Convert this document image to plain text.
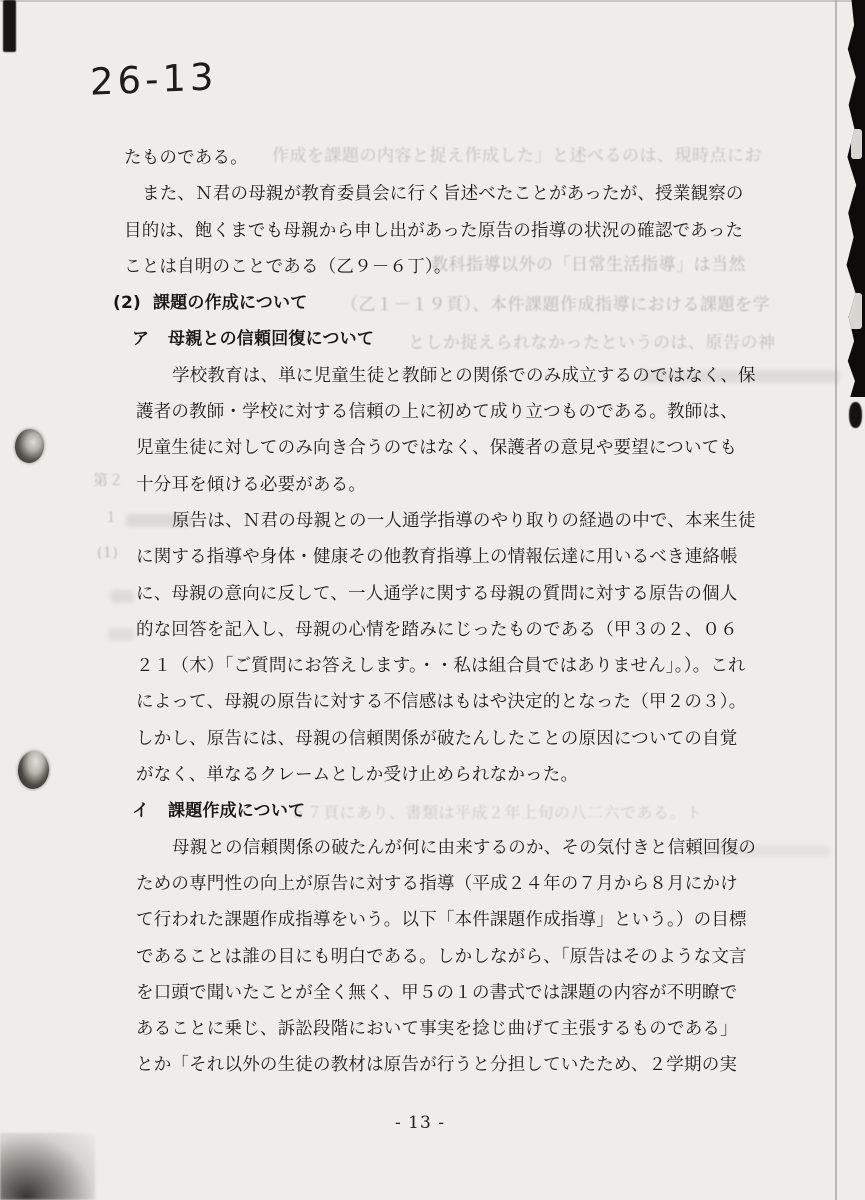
作成を課題の内容と捉え作成した」と述べるのは、現時点にお
教科指導以外の「日常生活指導」は当然
（乙１－１９頁）、本件課題作成指導における課題を学
としか捉えられなかったというのは、原告の神
第２
１
(1)
５７頁にあり、書類は平成２年上旬の八二六である。ト
26-13
たものである。
また、Ｎ君の母親が教育委員会に行く旨述べたことがあったが、授業観察の
目的は、飽くまでも母親から申し出があった原告の指導の状況の確認であった
ことは自明のことである（乙９－６丁）。
(2) 課題の作成について
ア 母親との信頼回復について
学校教育は、単に児童生徒と教師との関係でのみ成立するのではなく、保
護者の教師・学校に対する信頼の上に初めて成り立つものである。教師は、
児童生徒に対してのみ向き合うのではなく、保護者の意見や要望についても
十分耳を傾ける必要がある。
原告は、Ｎ君の母親との一人通学指導のやり取りの経過の中で、本来生徒
に関する指導や身体・健康その他教育指導上の情報伝達に用いるべき連絡帳
に、母親の意向に反して、一人通学に関する母親の質問に対する原告の個人
的な回答を記入し、母親の心情を踏みにじったものである（甲３の２、０６
２１（木）「ご質問にお答えします。・・私は組合員ではありません」。）。これ
によって、母親の原告に対する不信感はもはや決定的となった（甲２の３）。
しかし、原告には、母親の信頼関係が破たんしたことの原因についての自覚
がなく、単なるクレームとしか受け止められなかった。
イ 課題作成について
母親との信頼関係の破たんが何に由来するのか、その気付きと信頼回復の
ための専門性の向上が原告に対する指導（平成２４年の７月から８月にかけ
て行われた課題作成指導をいう。以下「本件課題作成指導」という。）の目標
であることは誰の目にも明白である。しかしながら、「原告はそのような文言
を口頭で聞いたことが全く無く、甲５の１の書式では課題の内容が不明瞭で
あることに乗じ、訴訟段階において事実を捻じ曲げて主張するものである」
とか「それ以外の生徒の教材は原告が行うと分担していたため、２学期の実
- 13 -
